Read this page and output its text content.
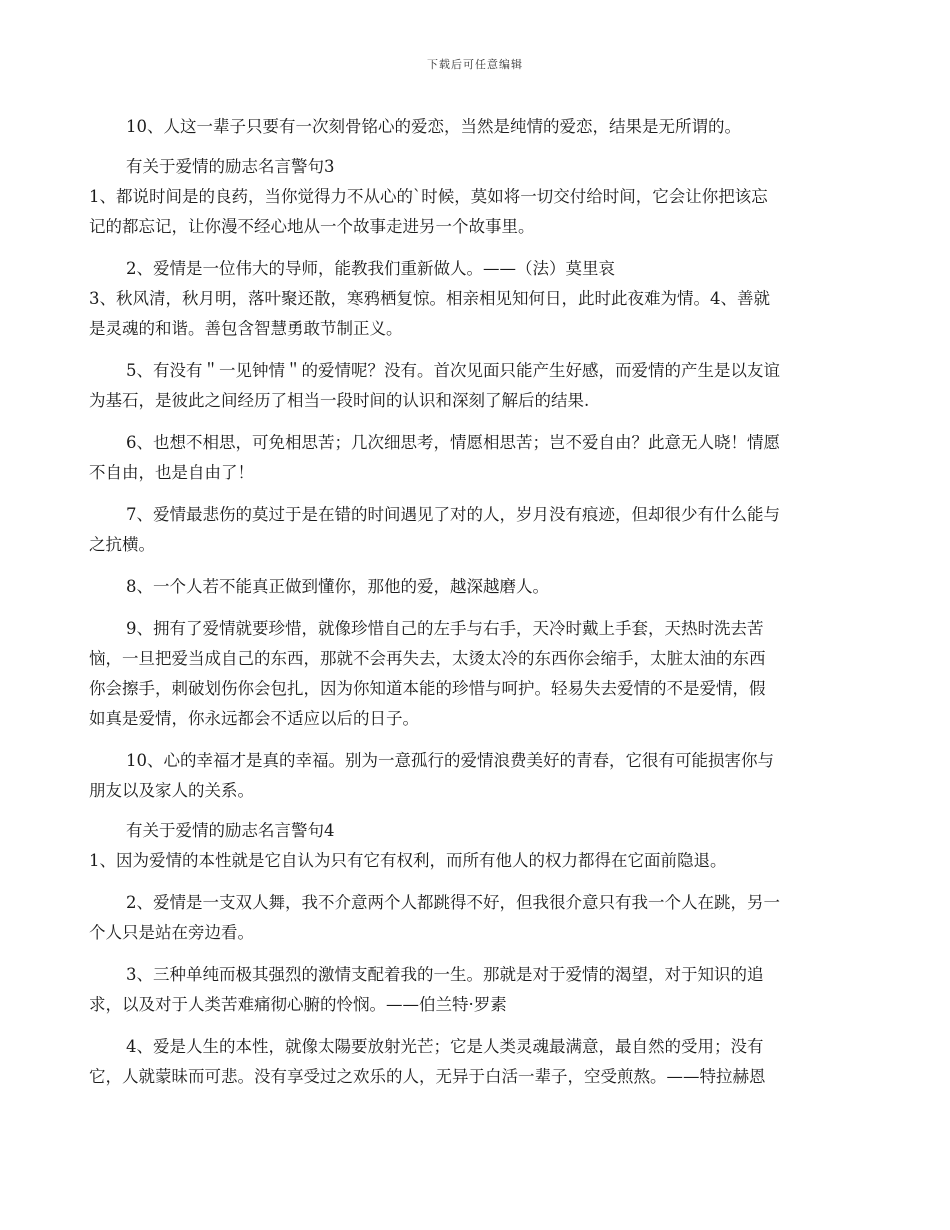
下载后可任意编辑

10、人这一辈子只要有一次刻骨铭心的爱恋，当然是纯情的爱恋，结果是无所谓的。

有关于爱情的励志名言警句3

1、都说时间是的良药，当你觉得力不从心的`时候，莫如将一切交付给时间，它会让你把该忘

记的都忘记，让你漫不经心地从一个故事走进另一个故事里。

2、爱情是一位伟大的导师，能教我们重新做人。——（法）莫里哀

3、秋风清，秋月明，落叶聚还散，寒鸦栖复惊。相亲相见知何日，此时此夜难为情。4、善就

是灵魂的和谐。善包含智慧勇敢节制正义。

5、有没有＂一见钟情＂的爱情呢？没有。首次见面只能产生好感，而爱情的产生是以友谊

为基石，是彼此之间经历了相当一段时间的认识和深刻了解后的结果.

6、也想不相思，可免相思苦；几次细思考，情愿相思苦；岂不爱自由？此意无人晓！情愿

不自由，也是自由了！

7、爱情最悲伤的莫过于是在错的时间遇见了对的人，岁月没有痕迹，但却很少有什么能与

之抗横。

8、一个人若不能真正做到懂你，那他的爱，越深越磨人。

9、拥有了爱情就要珍惜，就像珍惜自己的左手与右手，天冷时戴上手套，天热时洗去苦

恼，一旦把爱当成自己的东西，那就不会再失去，太烫太冷的东西你会缩手，太脏太油的东西

你会擦手，刺破划伤你会包扎，因为你知道本能的珍惜与呵护。轻易失去爱情的不是爱情，假

如真是爱情，你永远都会不适应以后的日子。

10、心的幸福才是真的幸福。别为一意孤行的爱情浪费美好的青春，它很有可能损害你与

朋友以及家人的关系。

有关于爱情的励志名言警句4

1、因为爱情的本性就是它自认为只有它有权利，而所有他人的权力都得在它面前隐退。

2、爱情是一支双人舞，我不介意两个人都跳得不好，但我很介意只有我一个人在跳，另一

个人只是站在旁边看。

3、三种单纯而极其强烈的激情支配着我的一生。那就是对于爱情的渴望，对于知识的追

求，以及对于人类苦难痛彻心腑的怜悯。——伯兰特·罗素

4、爱是人生的本性，就像太陽要放射光芒；它是人类灵魂最满意，最自然的受用；没有

它，人就蒙昧而可悲。没有享受过之欢乐的人，无异于白活一辈子，空受煎熬。——特拉赫恩
